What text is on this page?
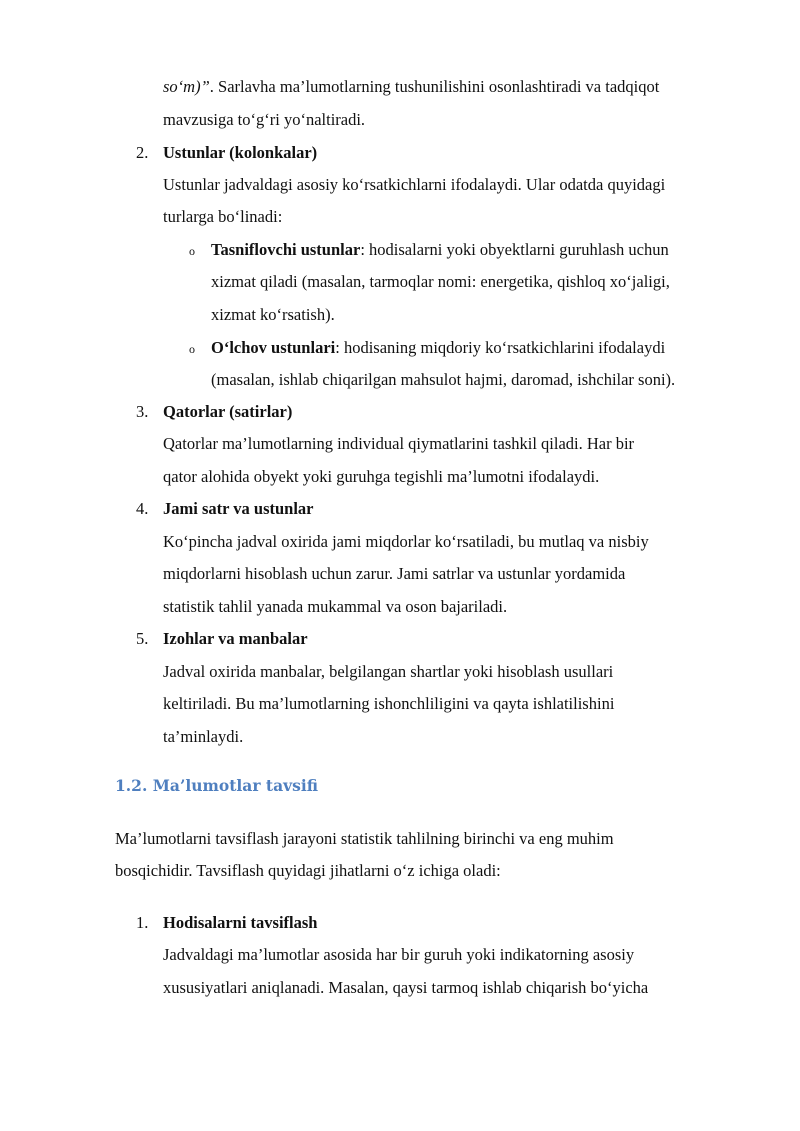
so‘m)”. Sarlavha ma’lumotlarning tushunilishini osonlashtiradi va tadqiqot
mavzusiga to‘g‘ri yo‘naltiradi.
2. Ustunlar (kolonkalar)
Ustunlar jadvaldagi asosiy ko‘rsatkichlarni ifodalaydi. Ular odatda quyidagi
turlarga bo‘linadi:
o Tasniflovchi ustunlar: hodisalarni yoki obyektlarni guruhlash uchun
xizmat qiladi (masalan, tarmoqlar nomi: energetika, qishloq xo‘jaligi,
xizmat ko‘rsatish).
o O‘lchov ustunlari: hodisaning miqdoriy ko‘rsatkichlarini ifodalaydi
(masalan, ishlab chiqarilgan mahsulot hajmi, daromad, ishchilar soni).
3. Qatorlar (satirlar)
Qatorlar ma’lumotlarning individual qiymatlarini tashkil qiladi. Har bir
qator alohida obyekt yoki guruhga tegishli ma’lumotni ifodalaydi.
4. Jami satr va ustunlar
Ko‘pincha jadval oxirida jami miqdorlar ko‘rsatiladi, bu mutlaq va nisbiy
miqdorlarni hisoblash uchun zarur. Jami satrlar va ustunlar yordamida
statistik tahlil yanada mukammal va oson bajariladi.
5. Izohlar va manbalar
Jadval oxirida manbalar, belgilangan shartlar yoki hisoblash usullari
keltiriladi. Bu ma’lumotlarning ishonchliligini va qayta ishlatilishini
ta’minlaydi.
1.2. Ma’lumotlar tavsifi
Ma’lumotlarni tavsiflash jarayoni statistik tahlilning birinchi va eng muhim
bosqichidir. Tavsiflash quyidagi jihatlarni o‘z ichiga oladi:
1. Hodisalarni tavsiflash
Jadvaldagi ma’lumotlar asosida har bir guruh yoki indikatorning asosiy
xususiyatlari aniqlanadi. Masalan, qaysi tarmoq ishlab chiqarish bo‘yicha
